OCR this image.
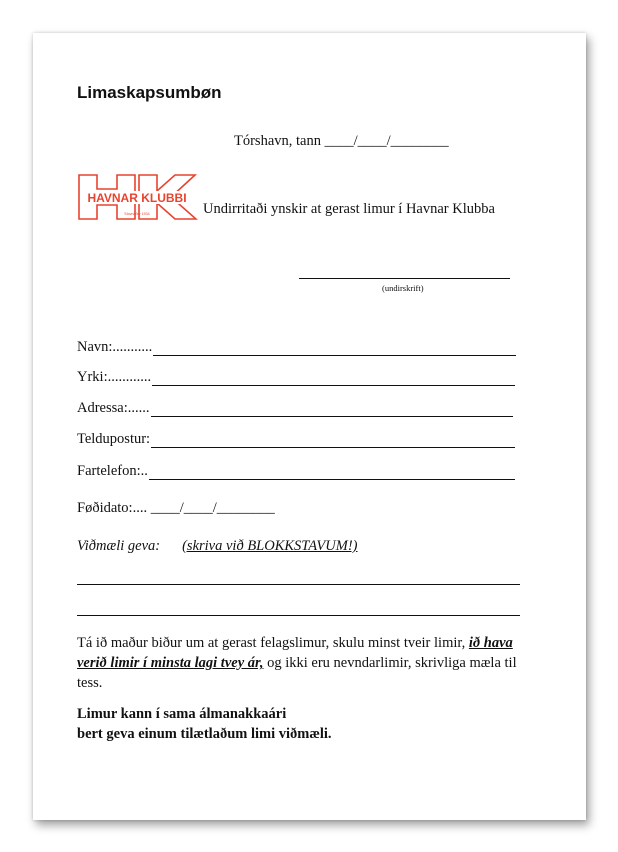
Limaskapsumbøn
Tórshavn, tann ____/____/________
HAVNAR KLUBBI
Stovnaður 1934	Undirritaði ynskir at gerast limur í Havnar Klubba
(undirskrift)
Navn:...........
Yrki:............
Adressa:......
Teldupostur:
Fartelefon:..
Føðidato:.... ____/____/________
Viðmæli geva: (skriva við BLOKKSTAVUM!)
Tá ið maður biður um at gerast felagslimur, skulu minst tveir limir, ið hava verið limir í minsta lagi tvey ár, og ikki eru nevndarlimir, skrivliga mæla til tess.
Limur kann í sama álmanakkaári
bert geva einum tilætlaðum limi viðmæli.
